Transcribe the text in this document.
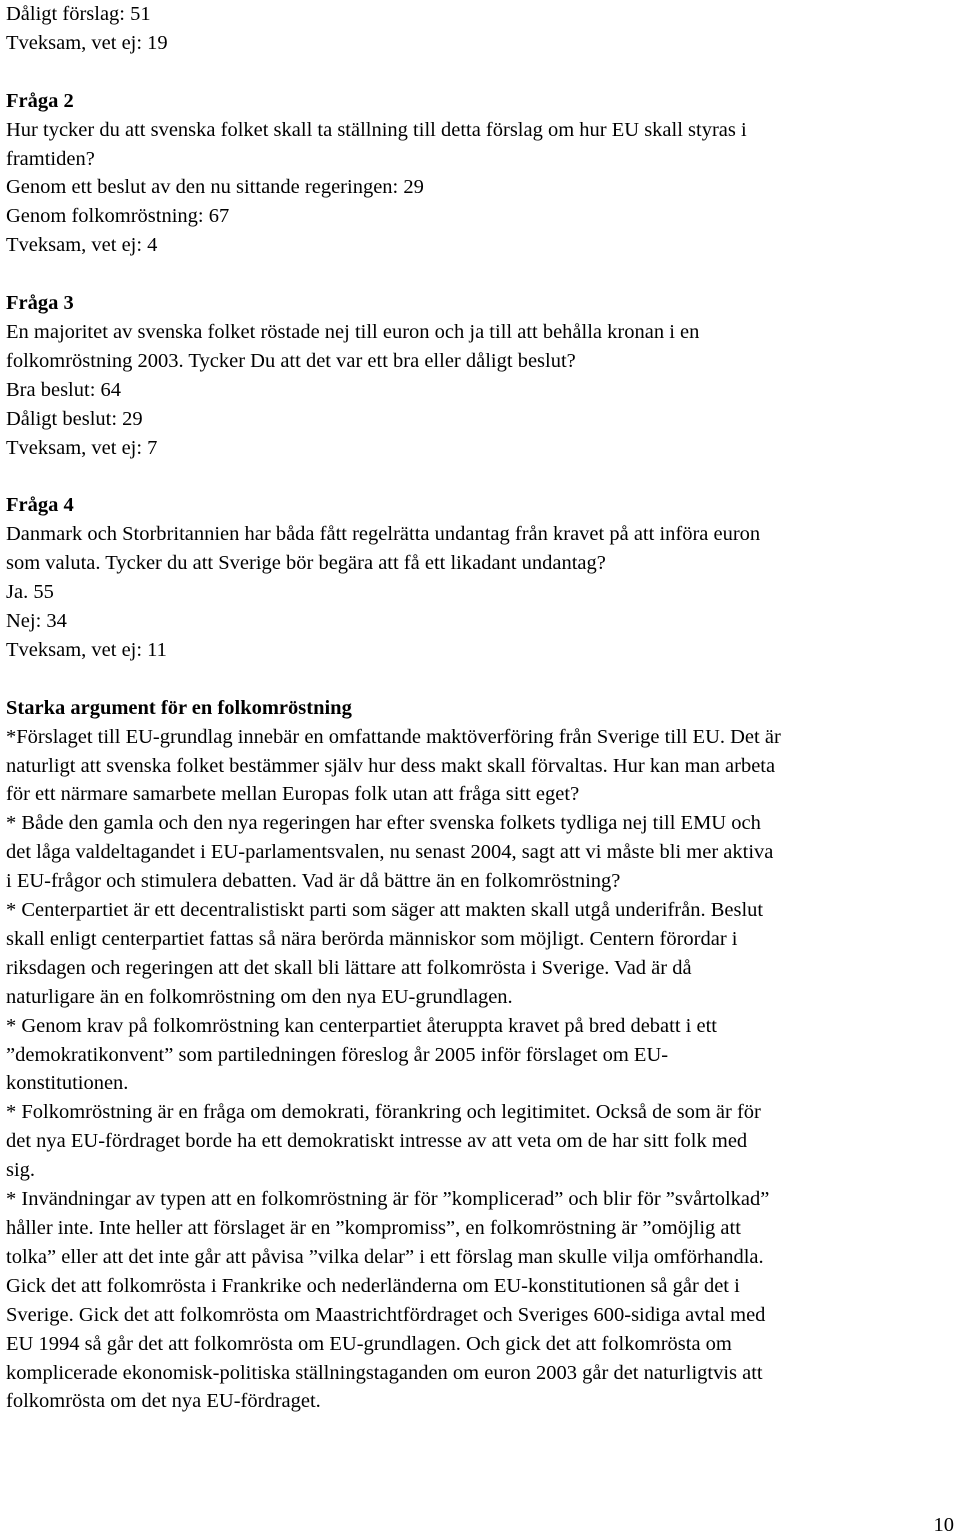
Dåligt förslag: 51
Tveksam, vet ej: 19
Fråga 2
Hur tycker du att svenska folket skall ta ställning till detta förslag om hur EU skall styras i
framtiden?
Genom ett beslut av den nu sittande regeringen: 29
Genom folkomröstning: 67
Tveksam, vet ej: 4
Fråga 3
En majoritet av svenska folket röstade nej till euron och ja till att behålla kronan i en
folkomröstning 2003. Tycker Du att det var ett bra eller dåligt beslut?
Bra beslut: 64
Dåligt beslut: 29
Tveksam, vet ej: 7
Fråga 4
Danmark och Storbritannien har båda fått regelrätta undantag från kravet på att införa euron
som valuta. Tycker du att Sverige bör begära att få ett likadant undantag?
Ja. 55
Nej: 34
Tveksam, vet ej: 11
Starka argument för en folkomröstning
*Förslaget till EU-grundlag innebär en omfattande maktöverföring från Sverige till EU. Det är
naturligt att svenska folket bestämmer själv hur dess makt skall förvaltas. Hur kan man arbeta
för ett närmare samarbete mellan Europas folk utan att fråga sitt eget?
* Både den gamla och den nya regeringen har efter svenska folkets tydliga nej till EMU och
det låga valdeltagandet i EU-parlamentsvalen, nu senast 2004, sagt att vi måste bli mer aktiva
i EU-frågor och stimulera debatten. Vad är då bättre än en folkomröstning?
* Centerpartiet är ett decentralistiskt parti som säger att makten skall utgå underifrån. Beslut
skall enligt centerpartiet fattas så nära berörda människor som möjligt. Centern förordar i
riksdagen och regeringen att det skall bli lättare att folkomrösta i Sverige. Vad är då
naturligare än en folkomröstning om den nya EU-grundlagen.
* Genom krav på folkomröstning kan centerpartiet återuppta kravet på bred debatt i ett
”demokratikonvent” som partiledningen föreslog år 2005 inför förslaget om EU-
konstitutionen.
* Folkomröstning är en fråga om demokrati, förankring och legitimitet. Också de som är för
det nya EU-fördraget borde ha ett demokratiskt intresse av att veta om de har sitt folk med
sig.
* Invändningar av typen att en folkomröstning är för ”komplicerad” och blir för ”svårtolkad”
håller inte. Inte heller att förslaget är en ”kompromiss”, en folkomröstning är ”omöjlig att
tolka” eller att det inte går att påvisa ”vilka delar” i ett förslag man skulle vilja omförhandla.
Gick det att folkomrösta i Frankrike och nederländerna om EU-konstitutionen så går det i
Sverige. Gick det att folkomrösta om Maastrichtfördraget och Sveriges 600-sidiga avtal med
EU 1994 så går det att folkomrösta om EU-grundlagen. Och gick det att folkomrösta om
komplicerade ekonomisk-politiska ställningstaganden om euron 2003 går det naturligtvis att
folkomrösta om det nya EU-fördraget.
10
